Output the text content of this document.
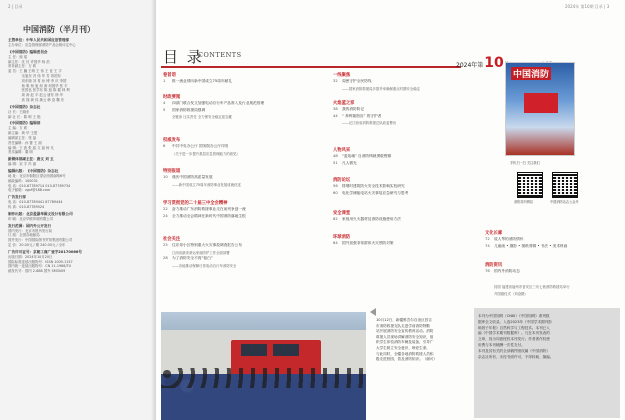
2 | 目录
中国消防（半月刊）
主管单位：中华人民共和国应急管理部
主办单位：应急管理部消防产品合格评定中心
《中国消防》编辑委员会
主 任：琼 瑶
副主任：沈 纹 许国华 杨 浩
常务副主任：万 莉
委 员：王 巍 王明 王 伟 王 征 王 宇
　　　　毛旭东 冯 伟 华 芳 刘国东
　　　　刘东晓 刘 青 孙 博 李 庆 李国
　　　　杨 明 杨 旭 何 涛 何国华 张 平
　　　　张国良 张学东 陈 旭 陈 健 林 利
　　　　周 涛 赵 平 赵云 唐东 徐 华
　　　　高 翔 黄 伟 龚云 韩 奋 魏 东
《中国消防》杂志社
社 长：王晓东
副 社 长：陈 明 王 艳
《中国消防》编辑部
主 编：万 莉
副主编：黄 华 王建
编辑部主任：张 晶
责任编辑：孙 蕾 王 丽
编 辑：王 波 张 晶 文 晶 杨 凡
美术编辑：董 明
新媒体部副主任：唐文 刘 玉
编 辑：宋 宇 冯 丽
编辑出版：《中国消防》杂志社
地 址：北京市朝阳区望京西园南路6号
邮政编码：100031
电 话：010-87789714 010-87789734
电子邮箱：zgxf@188.com
广告发行部
电 话：010-87789441 87789444
传 真：010-87789524
制作出版：北京盈嘉华图文设计有限公司
印 刷：北京华联印刷有限公司
发行范围：国内外公开发行
国内发行：北京市报刊发行局
订 阅：全国各地邮局
国外发行：中国国际图书贸易集团有限公司
定 价：20.00元 / 期 240.00元 / 全年
广告许可证号：京朝工商广登字20170066号
出版日期：2024年10月20日
国际标准连续出版物号：ISSN 1009-1157
国内统一连续出版物号：CN 11-1966/TU
邮发代号：国内 2-888 国外 SM3009
2024年 第10期 目录 | 3
目 录
CONTENTS
2024年第10
卷首语
1 推一流业绩向新中国成立75周年献礼
时政要闻
4 四部门联合发文加强电动自行车产品准入及行业规范管理
5 国家消防救援局强调
全链条 压实责任 全力保安全稳定迎宝藏
权威发布
6 中共中央办公厅 国务院办公厅印发
《关于进一步提升基层应急管理能力的意见》
特别报道
10 谨庆中国消防高质量发展
——新中国成立75周年消防事业发展成就综述
学习贯彻党的二十届三中全会精神
22 奋力推动广东消防救援事业走在前列争创一流
24 全力推动全会精神在新时代中国消防落地生根
社会关注
25 住乐邦小区特别重大火灾事故调查报告公布
江西省最美命运家庭防护工作全面部署
28 为了消防安全不再“留白”
——各地推动保障日常电动自行车消防安全
一线聚焦
32 周密守护全民防线
——国家消防救援局多措并举确保重点时期安全稳定
火焰蓝之家
38 我的消防防记
44 “ 养利箭指宣” 的守护者
——记江西省消防救援总队政委曹岩
人物风采
48 “蓝焰魂” 自消防铸就勇敢铿锵
51 凡人微光
消防论坛
56 排烟时建筑防火安全技术影响实验研究
60 电化学储能电站火灾事故应急研究与思考
安全课堂
62 家庭用灭火器材及消防设施使用方法
环球消防
64 国外加强非常群体火灾预防对策
文化长廊
72 故人琴的消防情怀
74 儿童画 • 摄影 • 图纸剪辑 • 书法 • 美术科画
消防资讯
76 国内外消防动态
封面 福建省福州市晋安区三坊七巷消防救援站举行
升国旗仪式（刘奋摄）
中国消防
手机扫一扫 关注我们
消防周刊网站	中国消防杂志公众号
10月12日，新疆维吾尔自治区昌吉
市消防救援支队走进学前消防特勤
站开展消防安全宣传教育活动。消防
救援人员现场讲解消防安全知识，组
织学生体验消防车辆及装备，引导广
大学生树立安全意识、珍爱生命。
与此同时，全疆各地消防救援人员积
极走进校园，普及消防知识。（谢可）
本刊为中国知网（CNKI）《中国知网》系列数
据库全文收录。入选2023年《中国学术期刊影
响因子年报》自然科学与工程技术。本刊已入
编《中国学术期刊数据库》。凡在本刊发表的
文章，视为同意授权本刊发行。作者著作权使
用费与本刊稿酬一次性支付。
本刊及其有关的全部稿件版权属《中国消防》
杂志社所有，未经书面许可，不得转载、摘编。
